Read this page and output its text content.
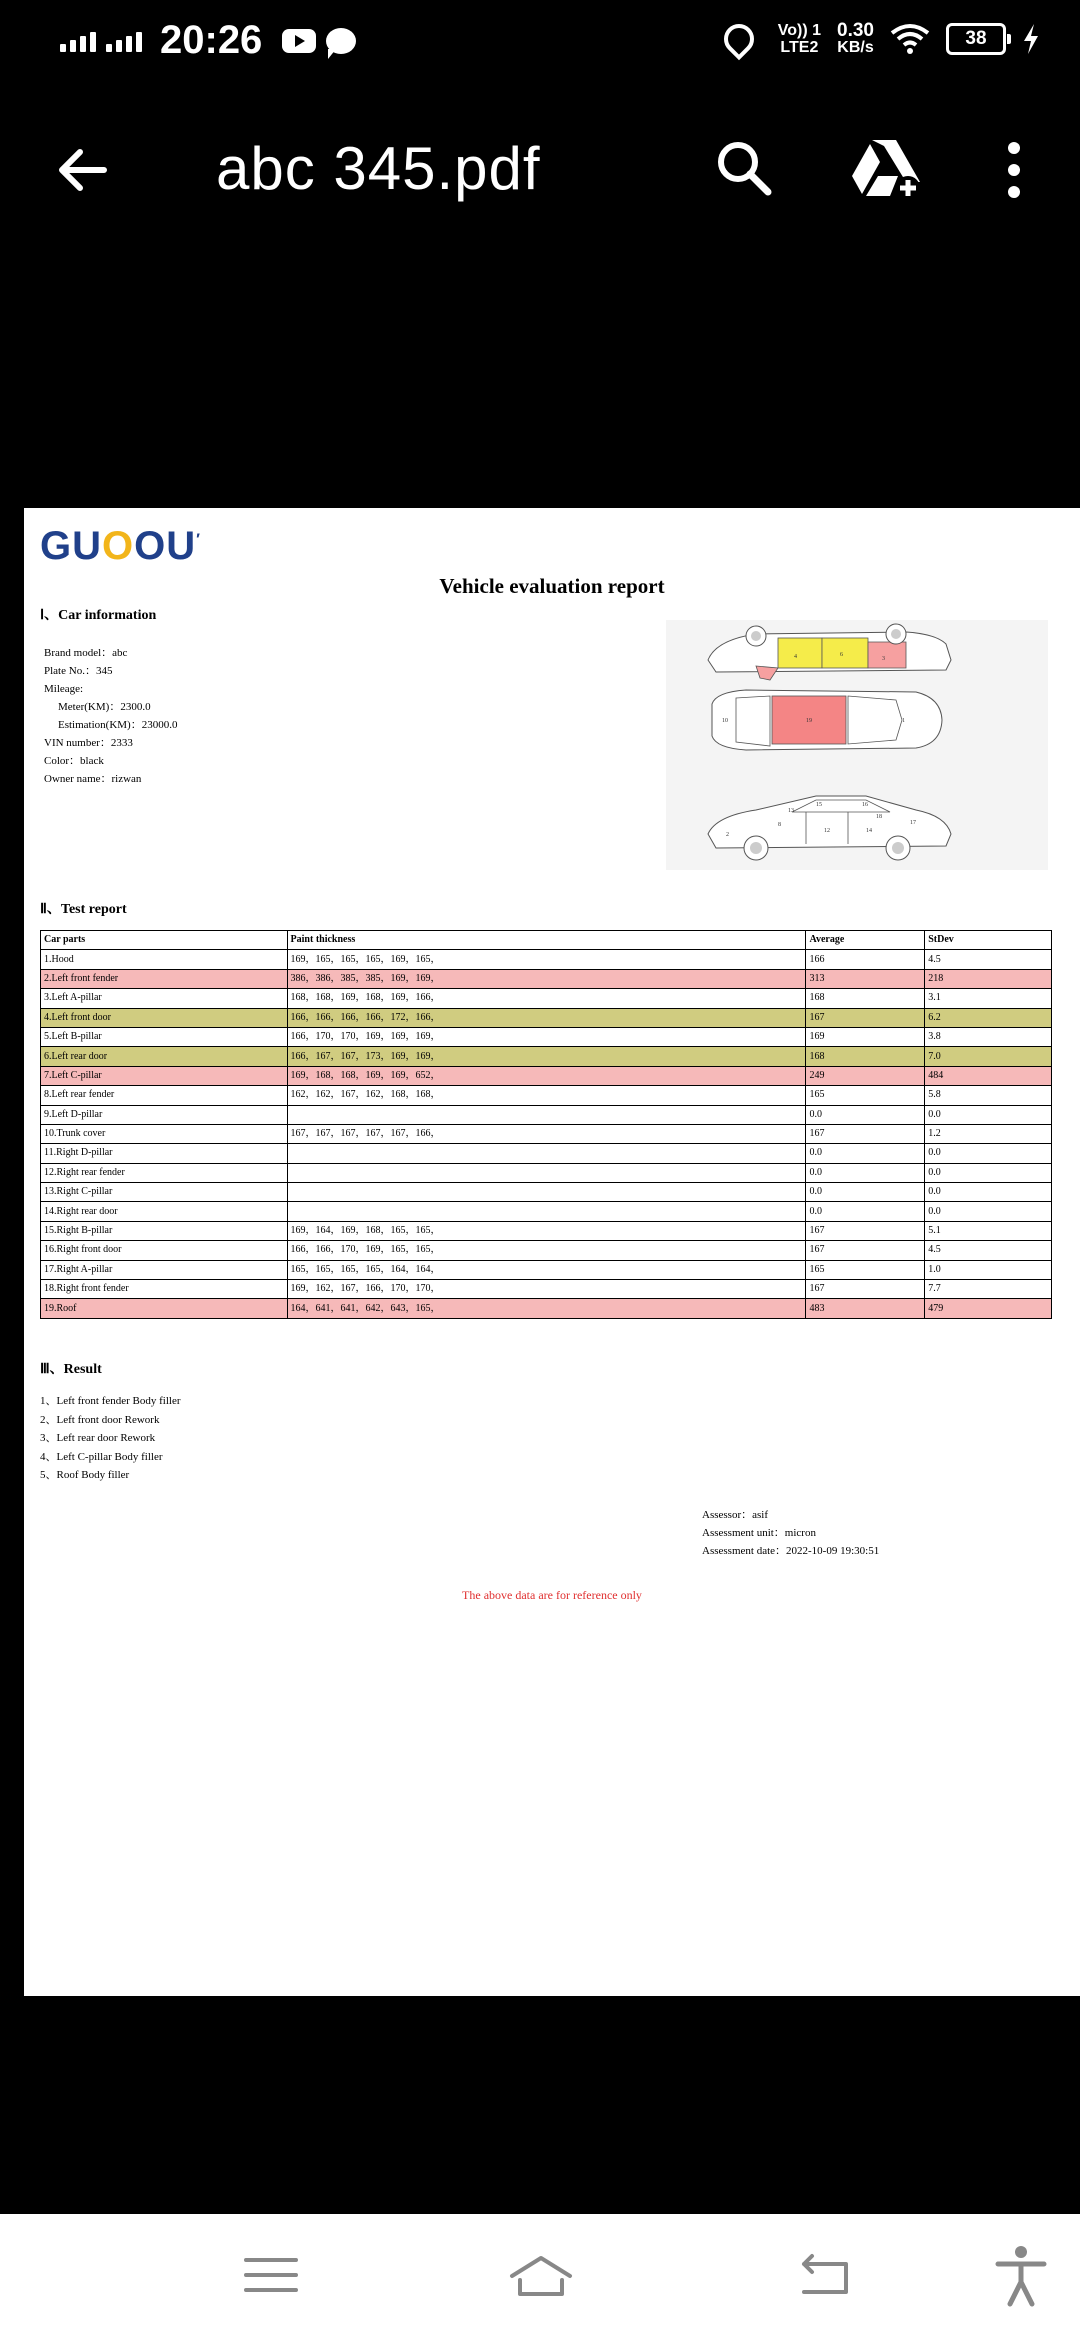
20:26	Vo)) 1
LTE2
0.30
KB/s	38
abc 345.pdf
GUOOU′
Vehicle evaluation report
Ⅰ、Car information
Brand model：abc
Plate No.：345
Mileage:
Meter(KM)：2300.0
Estimation(KM)：23000.0
VIN number：2333
Color：black
Owner name：rizwan
4	6
3
19
10	1
8
12	14
15	16
17
18
13
2
Ⅱ、Test report
Car parts	Paint thickness	Average	StDev
1.Hood	169，165，165，165，169，165，	166	4.5
2.Left front fender	386，386，385，385，169，169，	313	218
3.Left A-pillar	168，168，169，168，169，166，	168	3.1
4.Left front door	166，166，166，166，172，166，	167	6.2
5.Left B-pillar	166，170，170，169，169，169，	169	3.8
6.Left rear door	166，167，167，173，169，169，	168	7.0
7.Left C-pillar	169，168，168，169，169，652，	249	484
8.Left rear fender	162，162，167，162，168，168，	165	5.8
9.Left D-pillar		0.0	0.0
10.Trunk cover	167，167，167，167，167，166，	167	1.2
11.Right D-pillar		0.0	0.0
12.Right rear fender		0.0	0.0
13.Right C-pillar		0.0	0.0
14.Right rear door		0.0	0.0
15.Right B-pillar	169，164，169，168，165，165，	167	5.1
16.Right front door	166，166，170，169，165，165，	167	4.5
17.Right A-pillar	165，165，165，165，164，164，	165	1.0
18.Right front fender	169，162，167，166，170，170，	167	7.7
19.Roof	164，641，641，642，643，165，	483	479
Ⅲ、Result
1、Left front fender Body filler
2、Left front door Rework
3、Left rear door Rework
4、Left C-pillar Body filler
5、Roof Body filler
Assessor：asif
Assessment unit：micron
Assessment date：2022-10-09 19:30:51
The above data are for reference only
